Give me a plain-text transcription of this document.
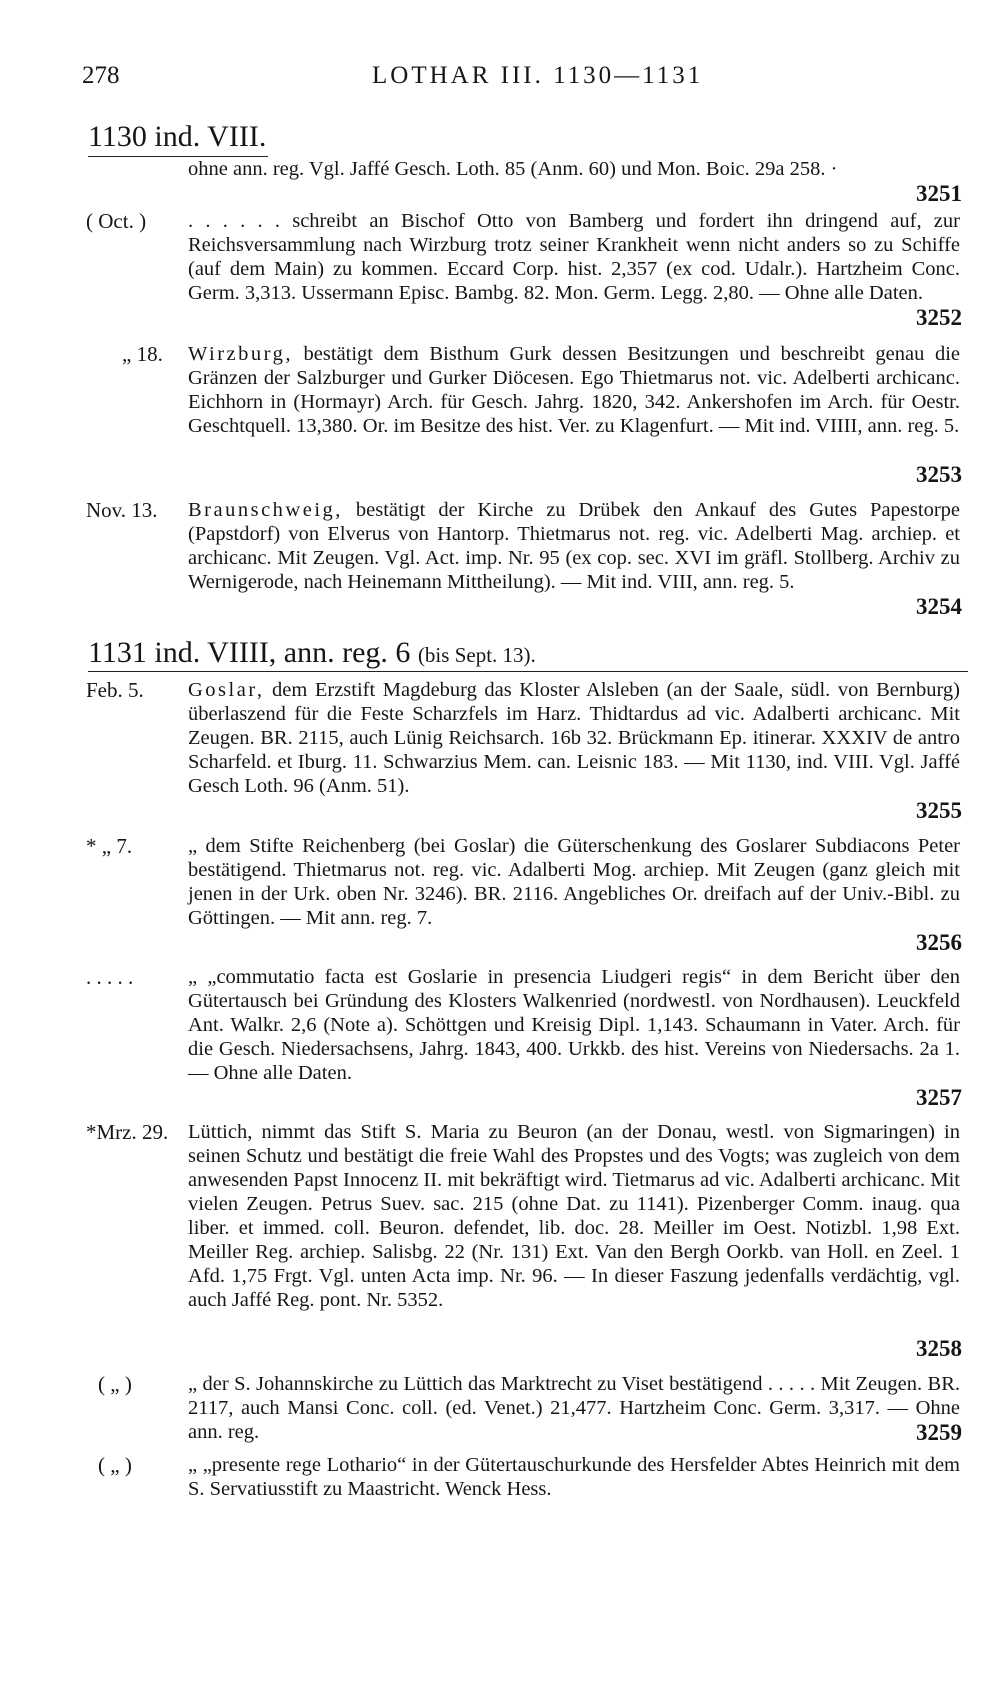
278	LOTHAR III. 1130—1131
1130 ind. VIII.
ohne ann. reg. Vgl. Jaffé Gesch. Loth. 85 (Anm. 60) und Mon. Boic. 29a 258. ·
3251
( Oct. ) . . . . . . schreibt an Bischof Otto von Bamberg und fordert ihn dringend auf, zur Reichsversammlung nach Wirzburg trotz seiner Krankheit wenn nicht anders so zu Schiffe (auf dem Main) zu kommen. Eccard Corp. hist. 2,357 (ex cod. Udalr.). Hartzheim Conc. Germ. 3,313. Ussermann Episc. Bambg. 82. Mon. Germ. Legg. 2,80. — Ohne alle Daten.
3252
„ 18. Wirzburg, bestätigt dem Bisthum Gurk dessen Besitzungen und beschreibt genau die Gränzen der Salzburger und Gurker Diöcesen. Ego Thietmarus not. vic. Adelberti archicanc. Eichhorn in (Hormayr) Arch. für Gesch. Jahrg. 1820, 342. Ankershofen im Arch. für Oestr. Geschtquell. 13,380. Or. im Besitze des hist. Ver. zu Klagenfurt. — Mit ind. VIIII, ann. reg. 5.
3253
Nov. 13. Braunschweig, bestätigt der Kirche zu Drübek den Ankauf des Gutes Papestorpe (Papstdorf) von Elverus von Hantorp. Thietmarus not. reg. vic. Adelberti Mag. archiep. et archicanc. Mit Zeugen. Vgl. Act. imp. Nr. 95 (ex cop. sec. XVI im gräfl. Stollberg. Archiv zu Wernigerode, nach Heinemann Mittheilung). — Mit ind. VIII, ann. reg. 5.
3254
1131 ind. VIIII, ann. reg. 6 (bis Sept. 13).
Feb. 5. Goslar, dem Erzstift Magdeburg das Kloster Alsleben (an der Saale, südl. von Bernburg) überlaszend für die Feste Scharzfels im Harz. Thidtardus ad vic. Adalberti archicanc. Mit Zeugen. BR. 2115, auch Lünig Reichsarch. 16b 32. Brückmann Ep. itinerar. XXXIV de antro Scharfeld. et Iburg. 11. Schwarzius Mem. can. Leisnic 183. — Mit 1130, ind. VIII. Vgl. Jaffé Gesch Loth. 96 (Anm. 51).
3255
* „ 7.	„ dem Stifte Reichenberg (bei Goslar) die Güterschenkung des Goslarer Subdiacons Peter bestätigend. Thietmarus not. reg. vic. Adalberti Mog. archiep. Mit Zeugen (ganz gleich mit jenen in der Urk. oben Nr. 3246). BR. 2116. Angebliches Or. dreifach auf der Univ.-Bibl. zu Göttingen. — Mit ann. reg. 7.
3256
. . . . .	„ „commutatio facta est Goslarie in presencia Liudgeri regis“ in dem Bericht über den Gütertausch bei Gründung des Klosters Walkenried (nordwestl. von Nordhausen). Leuckfeld Ant. Walkr. 2,6 (Note a). Schöttgen und Kreisig Dipl. 1,143. Schaumann in Vater. Arch. für die Gesch. Niedersachsens, Jahrg. 1843, 400. Urkkb. des hist. Vereins von Niedersachs. 2a 1. — Ohne alle Daten.
3257
*Mrz. 29. Lüttich, nimmt das Stift S. Maria zu Beuron (an der Donau, westl. von Sigmaringen) in seinen Schutz und bestätigt die freie Wahl des Propstes und des Vogts; was zugleich von dem anwesenden Papst Innocenz II. mit bekräftigt wird. Tietmarus ad vic. Adalberti archicanc. Mit vielen Zeugen. Petrus Suev. sac. 215 (ohne Dat. zu 1141). Pizenberger Comm. inaug. qua liber. et immed. coll. Beuron. defendet, lib. doc. 28. Meiller im Oest. Notizbl. 1,98 Ext. Meiller Reg. archiep. Salisbg. 22 (Nr. 131) Ext. Van den Bergh Oorkb. van Holl. en Zeel. 1 Afd. 1,75 Frgt. Vgl. unten Acta imp. Nr. 96. — In dieser Faszung jedenfalls verdächtig, vgl. auch Jaffé Reg. pont. Nr. 5352.
3258
( „ )	„ der S. Johannskirche zu Lüttich das Marktrecht zu Viset bestätigend . . . . . Mit Zeugen. BR. 2117, auch Mansi Conc. coll. (ed. Venet.) 21,477. Hartzheim Conc. Germ. 3,317. — Ohne ann. reg.	3259
( „ )	„ „presente rege Lothario“ in der Gütertauschurkunde des Hersfelder Abtes Heinrich mit dem S. Servatiusstift zu Maastricht. Wenck Hess.
